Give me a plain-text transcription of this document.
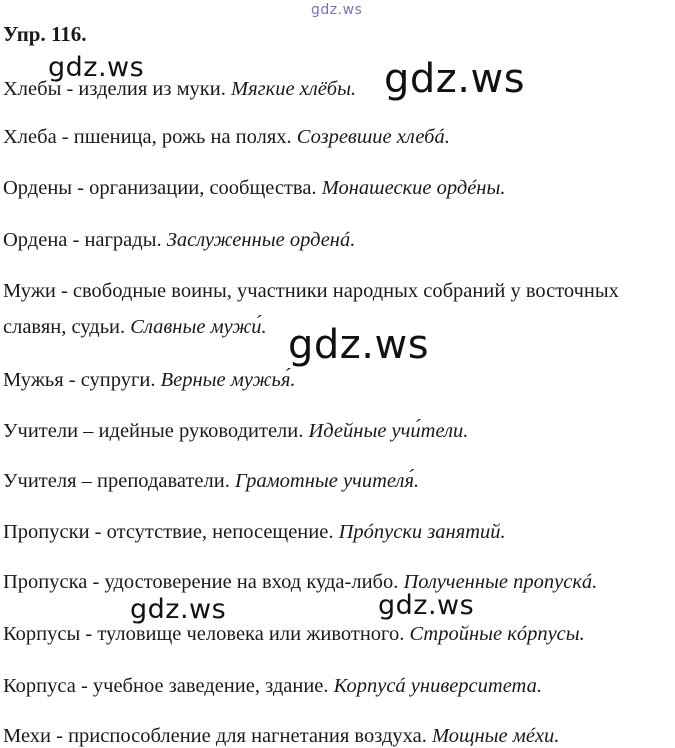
gdz.ws
Упр. 116.
Хлебы - изделия из муки. Мягкие хлёбы.
Хлеба - пшеница, рожь на полях. Созревшие хлебá.
Ордены - организации, сообщества. Монашеские ордéны.
Ордена - награды. Заслуженные орденá.
Мужи - свободные воины, участники народных собраний у восточных
славян, судьи. Славные мужи́.
Мужья - супруги. Верные мужья́.
Учители – идейные руководители. Идейные учи́тели.
Учителя – преподаватели. Грамотные учителя́.
Пропуски - отсутствие, непосещение. Прóпуски занятий.
Пропуска - удостоверение на вход куда-либо. Полученные пропускá.
Корпусы - туловище человека или животного. Стройные кóрпусы.
Корпуса - учебное заведение, здание. Корпусá университета.
Мехи - приспособление для нагнетания воздуха. Мощные мéхи.
gdz.ws	gdz.ws
gdz.ws
gdz.ws	gdz.ws
